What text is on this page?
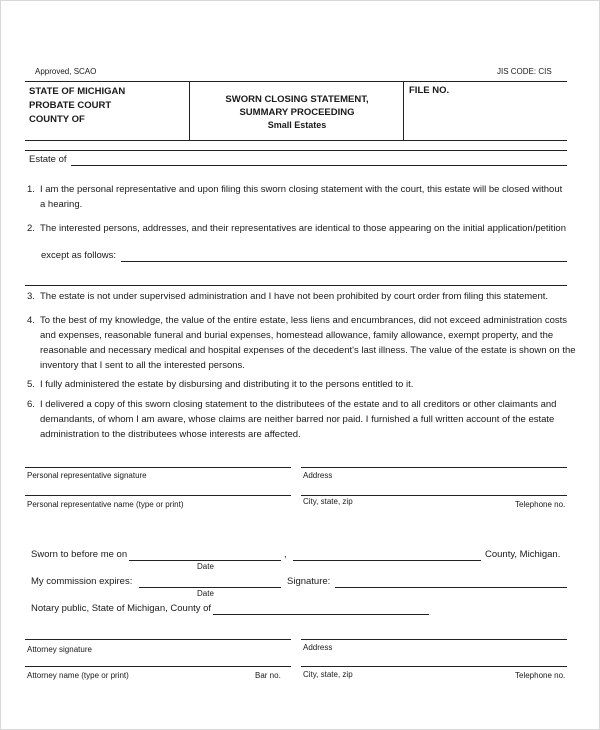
Approved, SCAO	JIS CODE: CIS
STATE OF MICHIGAN
PROBATE COURT
COUNTY OF
SWORN CLOSING STATEMENT,
SUMMARY PROCEEDING
Small Estates
FILE NO.
Estate of
1. I am the personal representative and upon filing this sworn closing statement with the court, this estate will be closed without
a hearing.
2. The interested persons, addresses, and their representatives are identical to those appearing on the initial application/petition
except as follows:
3. The estate is not under supervised administration and I have not been prohibited by court order from filing this statement.
4. To the best of my knowledge, the value of the entire estate, less liens and encumbrances, did not exceed administration costs
and expenses, reasonable funeral and burial expenses, homestead allowance, family allowance, exempt property, and the
reasonable and necessary medical and hospital expenses of the decedent's last illness. The value of the estate is shown on the
inventory that I sent to all the interested persons.
5. I fully administered the estate by disbursing and distributing it to the persons entitled to it.
6. I delivered a copy of this sworn closing statement to the distributees of the estate and to all creditors or other claimants and
demandants, of whom I am aware, whose claims are neither barred nor paid. I furnished a full written account of the estate
administration to the distributees whose interests are affected.
Personal representative signature	Address
Personal representative name (type or print)	City, state, zip	Telephone no.
Sworn to before me on	,	County, Michigan.
Date
My commission expires:	Signature:
Date
Notary public, State of Michigan, County of
Attorney signature	Address
Attorney name (type or print)	Bar no.	City, state, zip	Telephone no.
